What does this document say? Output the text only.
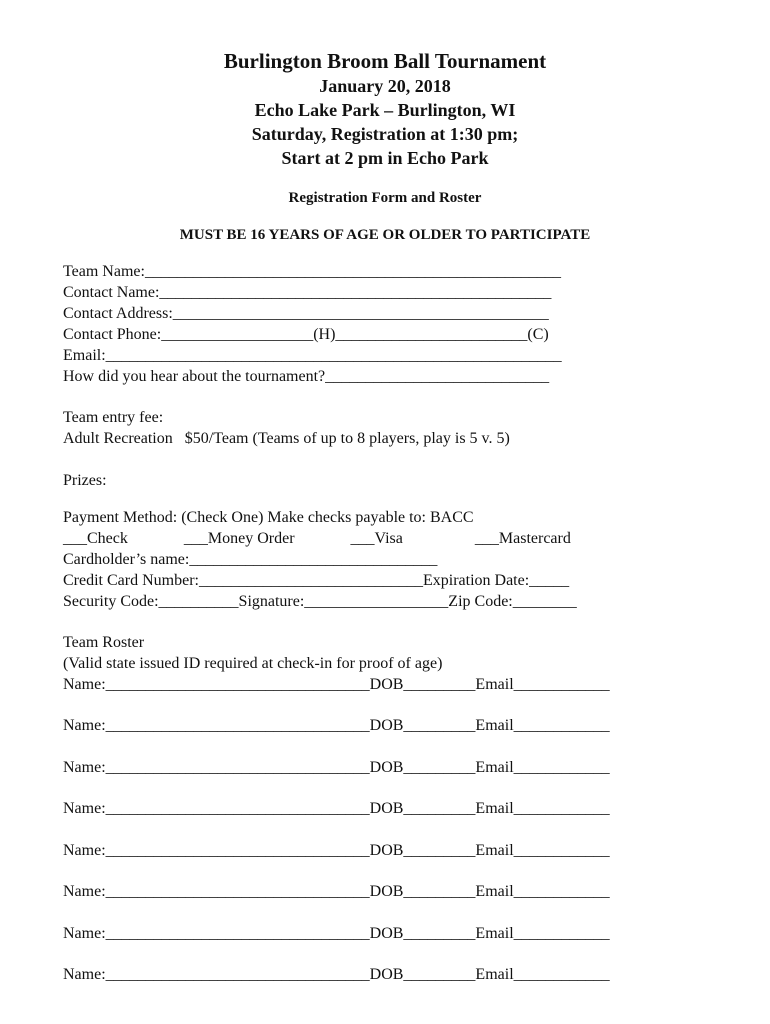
Burlington Broom Ball Tournament
January 20, 2018
Echo Lake Park – Burlington, WI
Saturday, Registration at 1:30 pm;
Start at 2 pm in Echo Park
Registration Form and Roster
MUST BE 16 YEARS OF AGE OR OLDER TO PARTICIPATE
Team Name:____________________________________________________
Contact Name:_________________________________________________
Contact Address:_______________________________________________
Contact Phone:___________________(H)________________________(C)
Email:_________________________________________________________
How did you hear about the tournament?____________________________
Team entry fee:
Adult Recreation   $50/Team (Teams of up to 8 players, play is 5 v. 5)
Prizes:
Payment Method: (Check One) Make checks payable to: BACC
___Check              ___Money Order              ___Visa                  ___Mastercard
Cardholder’s name:_______________________________
Credit Card Number:____________________________Expiration Date:_____
Security Code:__________Signature:__________________Zip Code:________
Team Roster
(Valid state issued ID required at check-in for proof of age)
Name:_________________________________DOB_________Email____________
Name:_________________________________DOB_________Email____________
Name:_________________________________DOB_________Email____________
Name:_________________________________DOB_________Email____________
Name:_________________________________DOB_________Email____________
Name:_________________________________DOB_________Email____________
Name:_________________________________DOB_________Email____________
Name:_________________________________DOB_________Email____________
